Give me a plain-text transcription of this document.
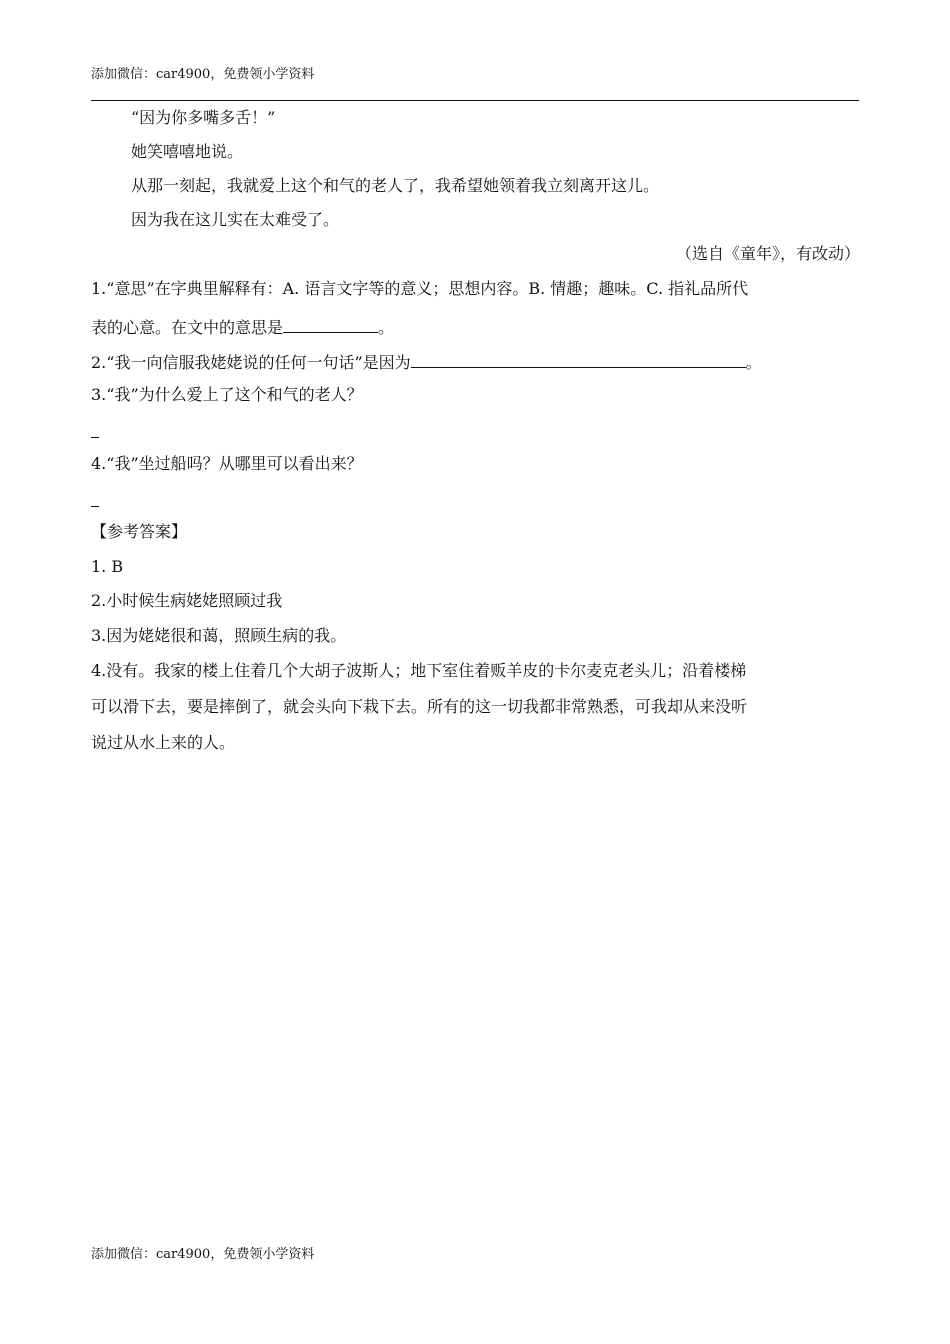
添加微信：car4900，免费领小学资料
“因为你多嘴多舌！”
她笑嘻嘻地说。
从那一刻起，我就爱上这个和气的老人了，我希望她领着我立刻离开这儿。
因为我在这儿实在太难受了。
（选自《童年》，有改动）
1.“意思”在字典里解释有：A. 语言文字等的意义；思想内容。B. 情趣；趣味。C. 指礼品所代
表的心意。在文中的意思是	。
2.“我一向信服我姥姥说的任何一句话”是因为	。
3.“我”为什么爱上了这个和气的老人？
4.“我”坐过船吗？从哪里可以看出来？
【参考答案】
1. B
2.小时候生病姥姥照顾过我
3.因为姥姥很和蔼，照顾生病的我。
4.没有。我家的楼上住着几个大胡子波斯人；地下室住着贩羊皮的卡尔麦克老头儿；沿着楼梯
可以滑下去，要是摔倒了，就会头向下栽下去。所有的这一切我都非常熟悉，可我却从来没听
说过从水上来的人。
添加微信：car4900，免费领小学资料
